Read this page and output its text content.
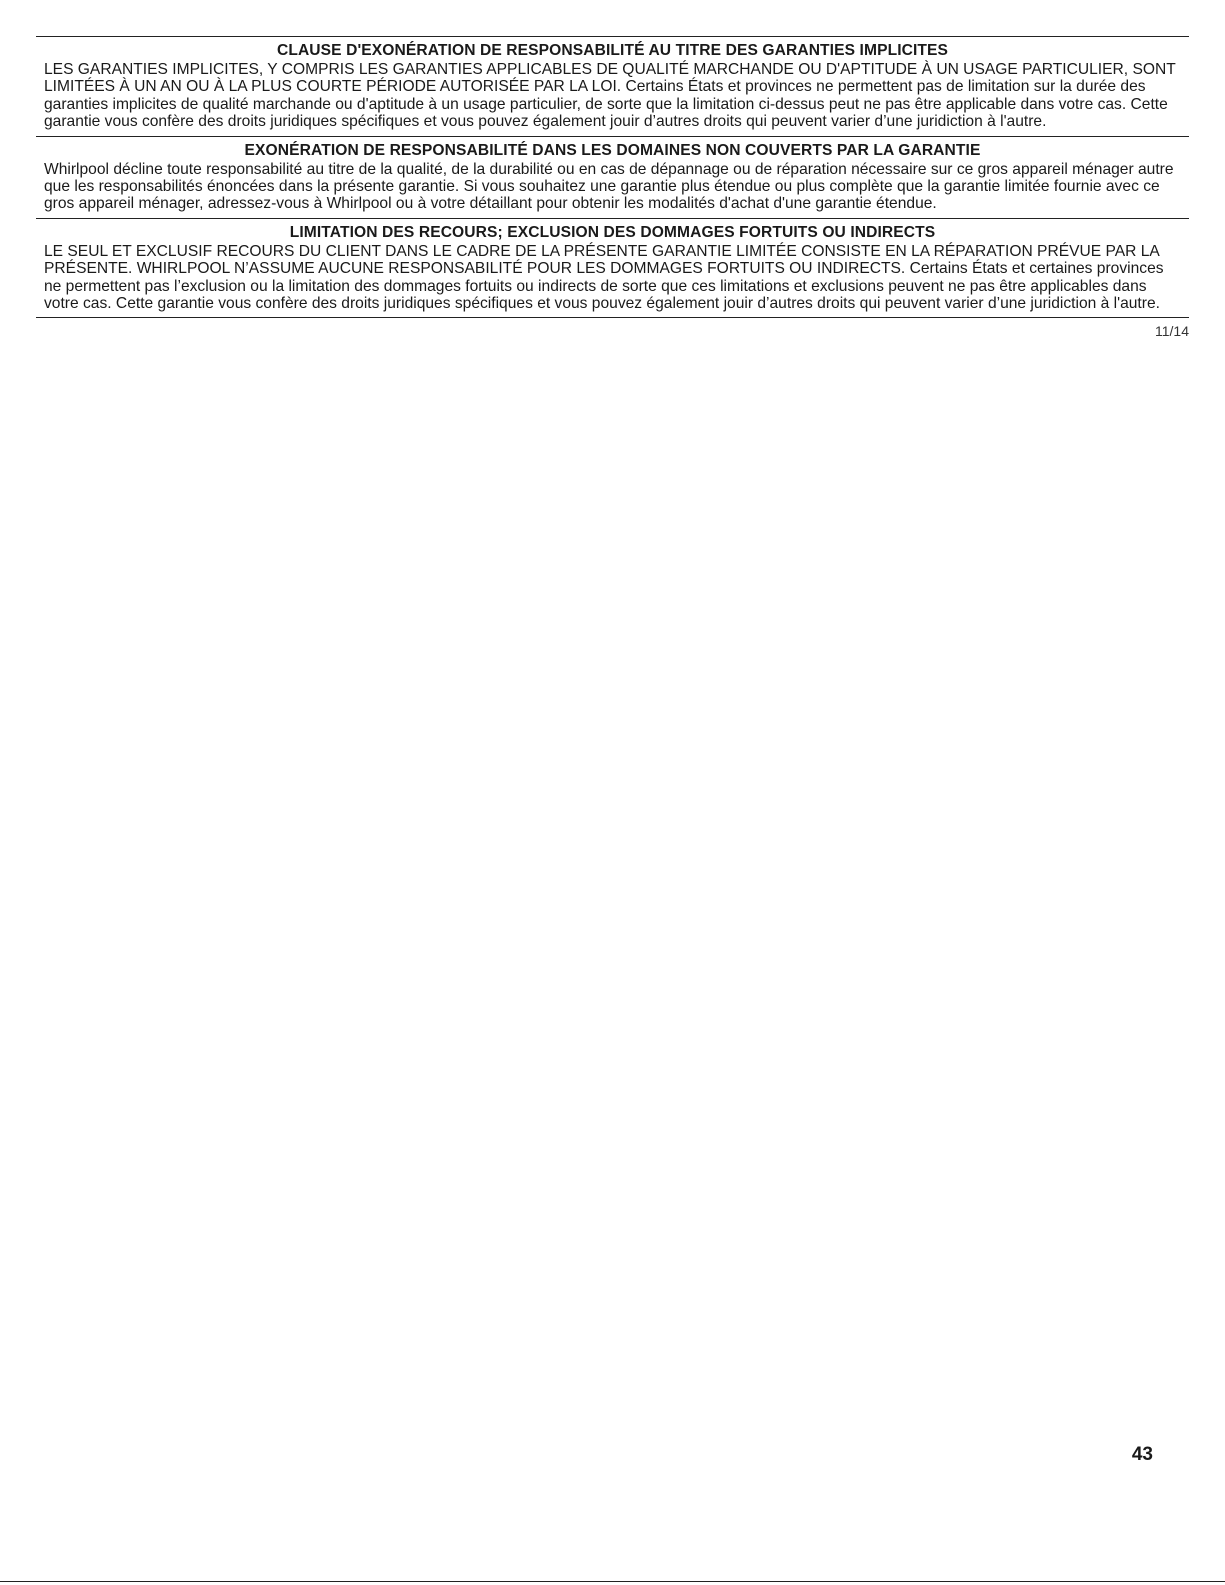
CLAUSE D'EXONÉRATION DE RESPONSABILITÉ AU TITRE DES GARANTIES IMPLICITES

LES GARANTIES IMPLICITES, Y COMPRIS LES GARANTIES APPLICABLES DE QUALITÉ MARCHANDE OU D'APTITUDE À UN USAGE PARTICULIER, SONT LIMITÉES À UN AN OU À LA PLUS COURTE PÉRIODE AUTORISÉE PAR LA LOI. Certains États et provinces ne permettent pas de limitation sur la durée des garanties implicites de qualité marchande ou d'aptitude à un usage particulier, de sorte que la limitation ci-dessus peut ne pas être applicable dans votre cas. Cette garantie vous confère des droits juridiques spécifiques et vous pouvez également jouir d’autres droits qui peuvent varier d’une juridiction à l'autre.

EXONÉRATION DE RESPONSABILITÉ DANS LES DOMAINES NON COUVERTS PAR LA GARANTIE

Whirlpool décline toute responsabilité au titre de la qualité, de la durabilité ou en cas de dépannage ou de réparation nécessaire sur ce gros appareil ménager autre que les responsabilités énoncées dans la présente garantie. Si vous souhaitez une garantie plus étendue ou plus complète que la garantie limitée fournie avec ce gros appareil ménager, adressez-vous à Whirlpool ou à votre détaillant pour obtenir les modalités d'achat d'une garantie étendue.

LIMITATION DES RECOURS; EXCLUSION DES DOMMAGES FORTUITS OU INDIRECTS

LE SEUL ET EXCLUSIF RECOURS DU CLIENT DANS LE CADRE DE LA PRÉSENTE GARANTIE LIMITÉE CONSISTE EN LA RÉPARATION PRÉVUE PAR LA PRÉSENTE. WHIRLPOOL N’ASSUME AUCUNE RESPONSABILITÉ POUR LES DOMMAGES FORTUITS OU INDIRECTS. Certains États et certaines provinces ne permettent pas l’exclusion ou la limitation des dommages fortuits ou indirects de sorte que ces limitations et exclusions peuvent ne pas être applicables dans votre cas. Cette garantie vous confère des droits juridiques spécifiques et vous pouvez également jouir d’autres droits qui peuvent varier d’une juridiction à l'autre.

11/14
43
